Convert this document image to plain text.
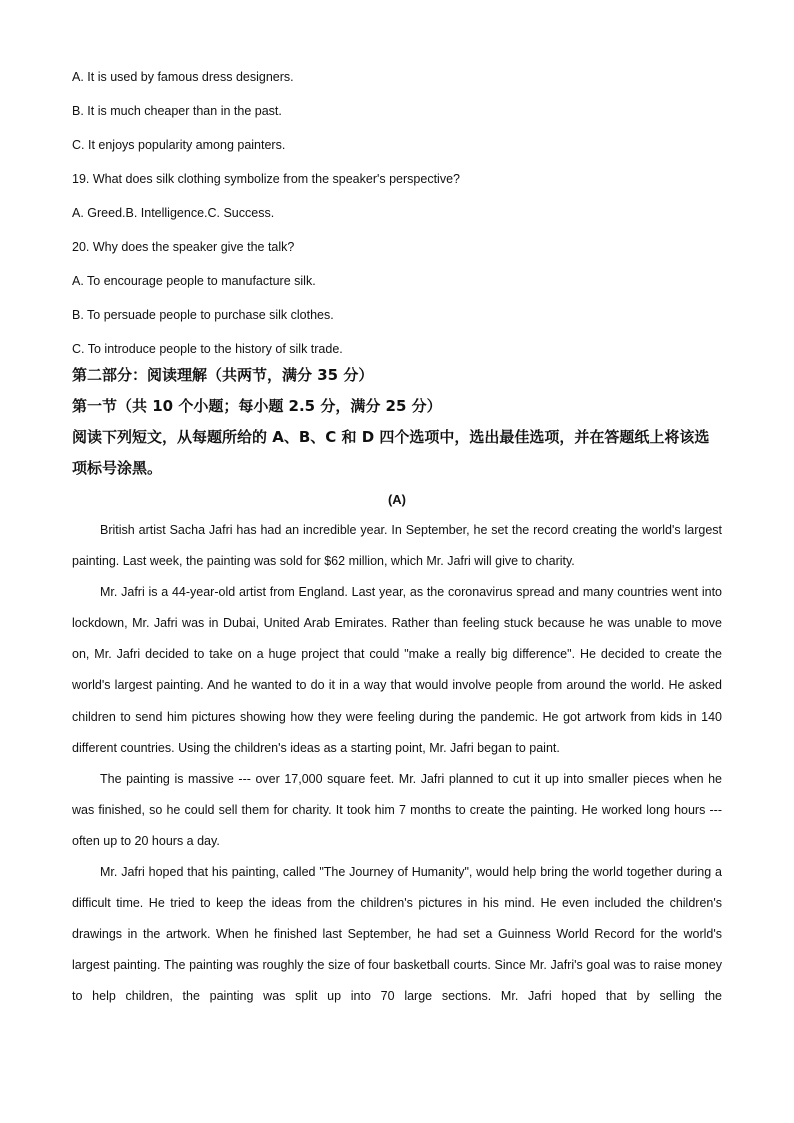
A. It is used by famous dress designers.
B. It is much cheaper than in the past.
C. It enjoys popularity among painters.
19. What does silk clothing symbolize from the speaker's perspective?
A. Greed.B. Intelligence.C. Success.
20. Why does the speaker give the talk?
A. To encourage people to manufacture silk.
B. To persuade people to purchase silk clothes.
C. To introduce people to the history of silk trade.
第二部分：阅读理解（共两节，满分 35 分）
第一节（共 10 个小题；每小题 2.5 分，满分 25 分）
阅读下列短文，从每题所给的 A、B、C 和 D 四个选项中，选出最佳选项，并在答题纸上将该选项标号涂黑。
(A)

British artist Sacha Jafri has had an incredible year. In September, he set the record creating the world's largest painting. Last week, the painting was sold for $62 million, which Mr. Jafri will give to charity.

Mr. Jafri is a 44-year-old artist from England. Last year, as the coronavirus spread and many countries went into lockdown, Mr. Jafri was in Dubai, United Arab Emirates. Rather than feeling stuck because he was unable to move on, Mr. Jafri decided to take on a huge project that could "make a really big difference". He decided to create the world's largest painting. And he wanted to do it in a way that would involve people from around the world. He asked children to send him pictures showing how they were feeling during the pandemic. He got artwork from kids in 140 different countries. Using the children's ideas as a starting point, Mr. Jafri began to paint.

The painting is massive --- over 17,000 square feet. Mr. Jafri planned to cut it up into smaller pieces when he was finished, so he could sell them for charity. It took him 7 months to create the painting. He worked long hours --- often up to 20 hours a day.

Mr. Jafri hoped that his painting, called "The Journey of Humanity", would help bring the world together during a difficult time. He tried to keep the ideas from the children's pictures in his mind. He even included the children's drawings in the artwork. When he finished last September, he had set a Guinness World Record for the world's largest painting. The painting was roughly the size of four basketball courts. Since Mr. Jafri's goal was to raise money to help children, the painting was split up into 70 large sections. Mr. Jafri hoped that by selling the
